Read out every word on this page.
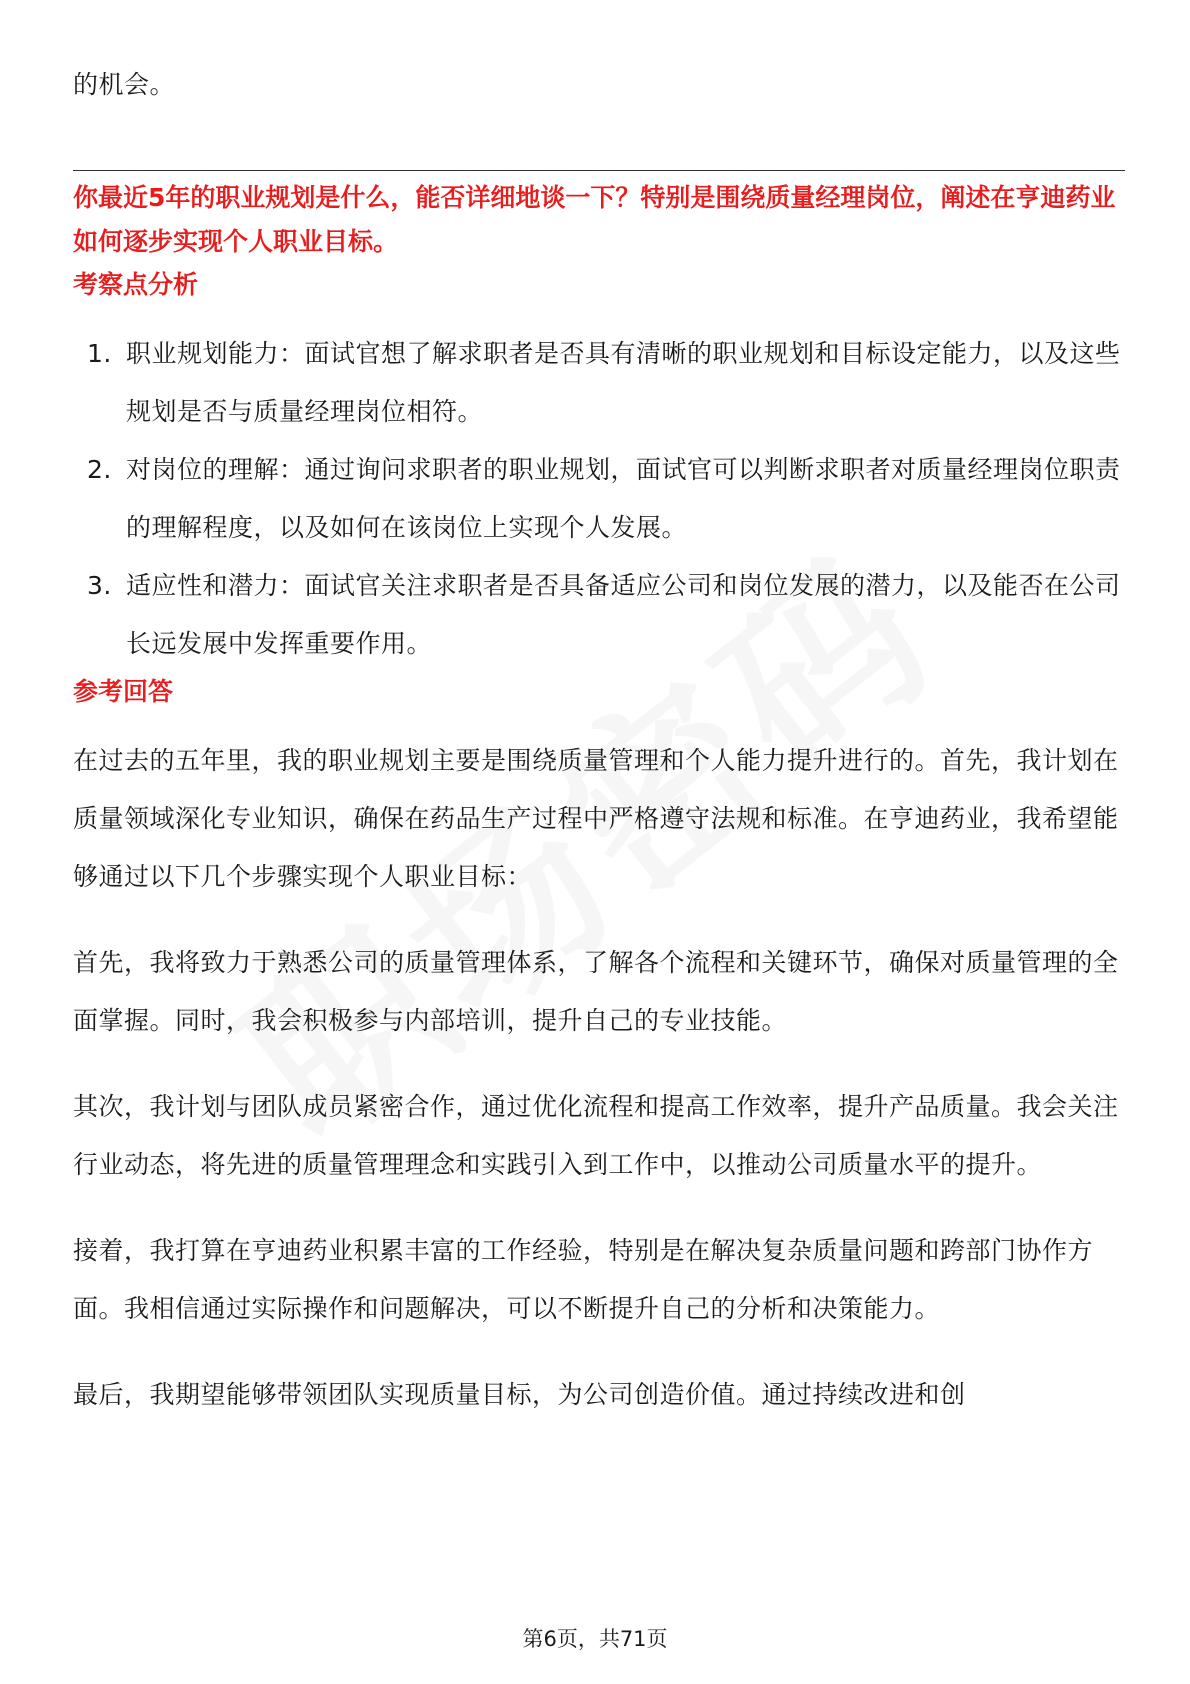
的机会。

你最近5年的职业规划是什么，能否详细地谈一下？特别是围绕质量经理岗位，阐述在亨迪药业如何逐步实现个人职业目标。

考察点分析

1. 职业规划能力：面试官想了解求职者是否具有清晰的职业规划和目标设定能力，以及这些规划是否与质量经理岗位相符。
2. 对岗位的理解：通过询问求职者的职业规划，面试官可以判断求职者对质量经理岗位职责的理解程度，以及如何在该岗位上实现个人发展。
3. 适应性和潜力：面试官关注求职者是否具备适应公司和岗位发展的潜力，以及能否在公司长远发展中发挥重要作用。

参考回答

在过去的五年里，我的职业规划主要是围绕质量管理和个人能力提升进行的。首先，我计划在质量领域深化专业知识，确保在药品生产过程中严格遵守法规和标准。在亨迪药业，我希望能够通过以下几个步骤实现个人职业目标：

首先，我将致力于熟悉公司的质量管理体系，了解各个流程和关键环节，确保对质量管理的全面掌握。同时，我会积极参与内部培训，提升自己的专业技能。

其次，我计划与团队成员紧密合作，通过优化流程和提高工作效率，提升产品质量。我会关注行业动态，将先进的质量管理理念和实践引入到工作中，以推动公司质量水平的提升。

接着，我打算在亨迪药业积累丰富的工作经验，特别是在解决复杂质量问题和跨部门协作方面。我相信通过实际操作和问题解决，可以不断提升自己的分析和决策能力。

最后，我期望能够带领团队实现质量目标，为公司创造价值。通过持续改进和创

第6页，共71页
